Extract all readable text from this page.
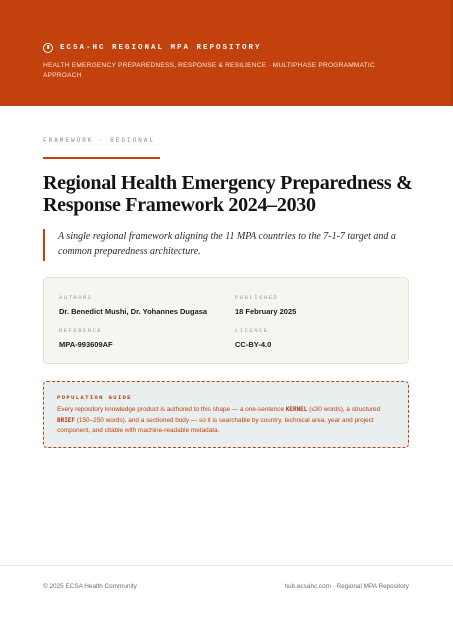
ECSA-HC REGIONAL MPA REPOSITORY
HEALTH EMERGENCY PREPAREDNESS, RESPONSE & RESILIENCE · MULTIPHASE PROGRAMMATIC APPROACH
FRAMEWORK · REGIONAL
Regional Health Emergency Preparedness & Response Framework 2024–2030
A single regional framework aligning the 11 MPA countries to the 7-1-7 target and a common preparedness architecture.
AUTHORS
Dr. Benedict Mushi, Dr. Yohannes Dugasa
PUBLISHED
18 February 2025
REFERENCE
MPA-993609AF
LICENCE
CC-BY-4.0
POPULATION GUIDE
Every repository knowledge product is authored to this shape — a one-sentence KERNEL (≤30 words), a structured BRIEF (150–250 words), and a sectioned body — so it is searchable by country, technical area, year and project component, and citable with machine-readable metadata.
© 2025 ECSA Health Community	hub.ecsahc.com · Regional MPA Repository
